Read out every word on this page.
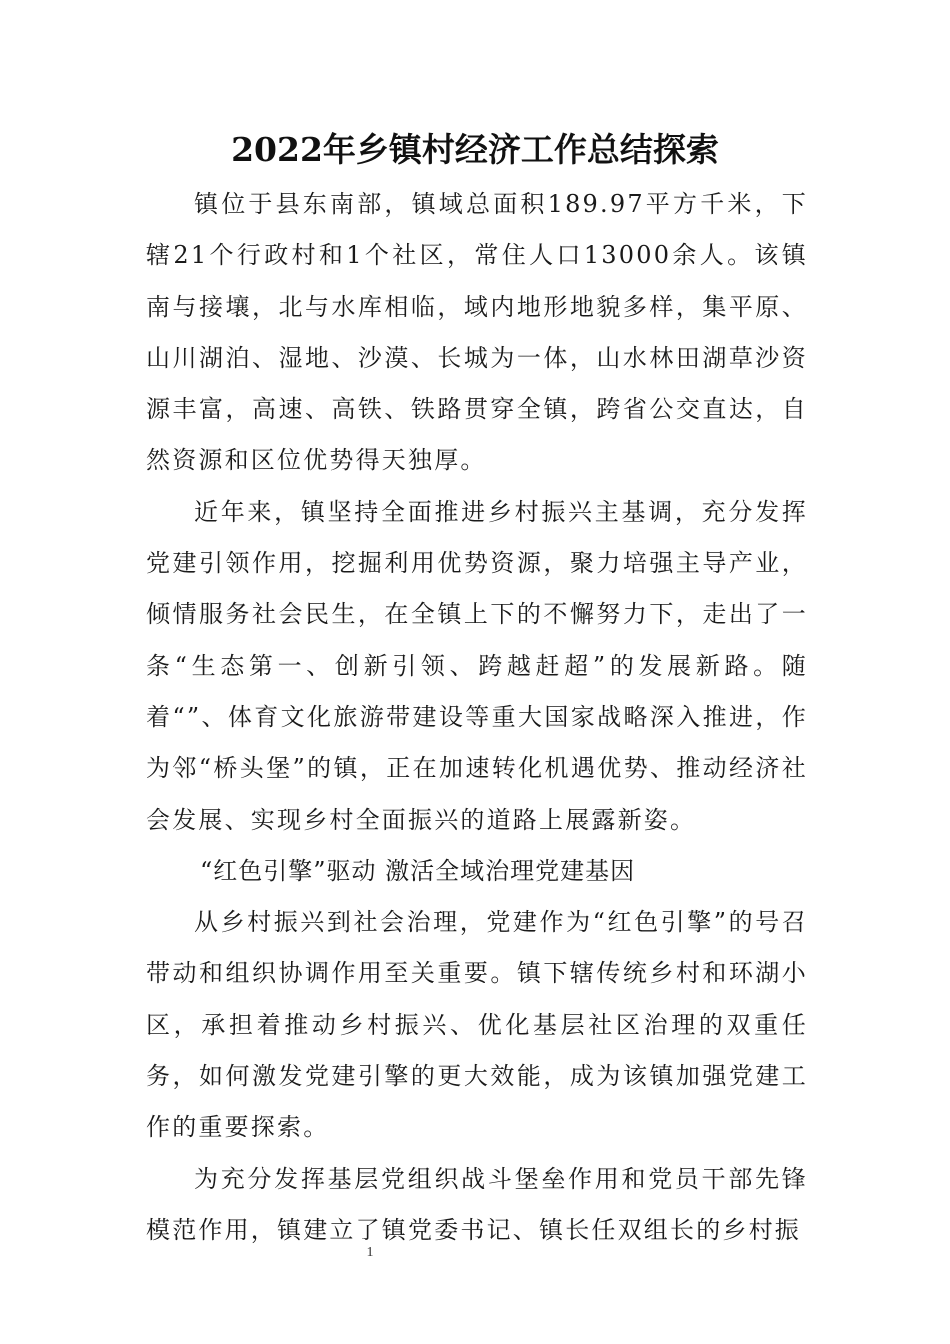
2022年乡镇村经济工作总结探索

镇位于县东南部，镇域总面积189.97平方千米，下辖21个行政村和1个社区，常住人口13000余人。该镇南与接壤，北与水库相临，域内地形地貌多样，集平原、山川湖泊、湿地、沙漠、长城为一体，山水林田湖草沙资源丰富，高速、高铁、铁路贯穿全镇，跨省公交直达，自然资源和区位优势得天独厚。

近年来，镇坚持全面推进乡村振兴主基调，充分发挥党建引领作用，挖掘利用优势资源，聚力培强主导产业，倾情服务社会民生，在全镇上下的不懈努力下，走出了一条“生态第一、创新引领、跨越赶超”的发展新路。随着“”、体育文化旅游带建设等重大国家战略深入推进，作为邻“桥头堡”的镇，正在加速转化机遇优势、推动经济社会发展、实现乡村全面振兴的道路上展露新姿。

“红色引擎”驱动 激活全域治理党建基因

从乡村振兴到社会治理，党建作为“红色引擎”的号召带动和组织协调作用至关重要。镇下辖传统乡村和环湖小区，承担着推动乡村振兴、优化基层社区治理的双重任务，如何激发党建引擎的更大效能，成为该镇加强党建工作的重要探索。

为充分发挥基层党组织战斗堡垒作用和党员干部先锋模范作用，镇建立了镇党委书记、镇长任双组长的乡村振

1
